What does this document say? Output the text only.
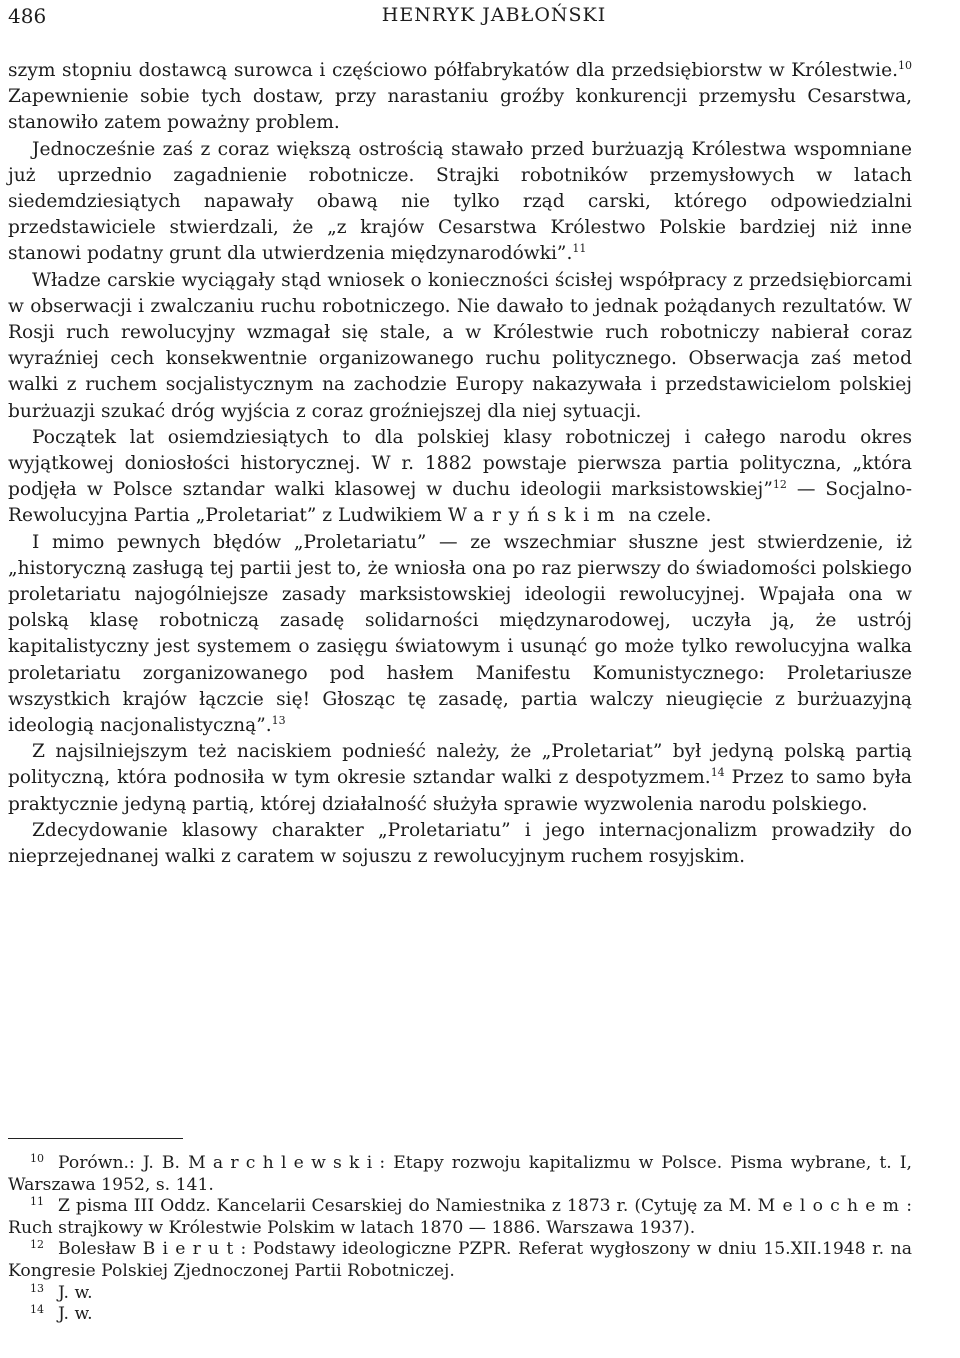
486	HENRYK JABŁOŃSKI

szym stopniu dostawcą surowca i częściowo półfabrykatów dla przedsiębiorstw w Królestwie.$^{10}$ Zapewnienie sobie tych dostaw, przy narastaniu groźby konkurencji przemysłu Cesarstwa, stanowiło zatem poważny problem.

Jednocześnie zaś z coraz większą ostrością stawało przed burżuazją Królestwa wspomniane już uprzednio zagadnienie robotnicze. Strajki robotników przemysłowych w latach siedemdziesiątych napawały obawą nie tylko rząd carski, którego odpowiedzialni przedstawiciele stwierdzali, że „z krajów Cesarstwa Królestwo Polskie bardziej niż inne stanowi podatny grunt dla utwierdzenia międzynarodówki”.$^{11}$

Władze carskie wyciągały stąd wniosek o konieczności ścisłej współpracy z przedsiębiorcami w obserwacji i zwalczaniu ruchu robotniczego. Nie dawało to jednak pożądanych rezultatów. W Rosji ruch rewolucyjny wzmagał się stale, a w Królestwie ruch robotniczy nabierał coraz wyraźniej cech konsekwentnie organizowanego ruchu politycznego. Obserwacja zaś metod walki z ruchem socjalistycznym na zachodzie Europy nakazywała i przedstawicielom polskiej burżuazji szukać dróg wyjścia z coraz groźniejszej dla niej sytuacji.

Początek lat osiemdziesiątych to dla polskiej klasy robotniczej i całego narodu okres wyjątkowej doniosłości historycznej. W r. 1882 powstaje pierwsza partia polityczna, „która podjęła w Polsce sztandar walki klasowej w duchu ideologii marksistowskiej”$^{12}$ — Socjalno-Rewolucyjna Partia „Proletariat” z Ludwikiem Waryńskim na czele.

I mimo pewnych błędów „Proletariatu” — ze wszechmiar słuszne jest stwierdzenie, iż „historyczną zasługą tej partii jest to, że wniosła ona po raz pierwszy do świadomości polskiego proletariatu najogólniejsze zasady marksistowskiej ideologii rewolucyjnej. Wpajała ona w polską klasę robotniczą zasadę solidarności międzynarodowej, uczyła ją, że ustrój kapitalistyczny jest systemem o zasięgu światowym i usunąć go może tylko rewolucyjna walka proletariatu zorganizowanego pod hasłem Manifestu Komunistycznego: Proletariusze wszystkich krajów łączcie się! Głosząc tę zasadę, partia walczy nieugięcie z burżuazyjną ideologią nacjonalistyczną”.$^{13}$

Z najsilniejszym też naciskiem podnieść należy, że „Proletariat” był jedyną polską partią polityczną, która podnosiła w tym okresie sztandar walki z despotyzmem.$^{14}$ Przez to samo była praktycznie jedyną partią, której działalność służyła sprawie wyzwolenia narodu polskiego.

Zdecydowanie klasowy charakter „Proletariatu” i jego internacjonalizm prowadziły do nieprzejednanej walki z caratem w sojuszu z rewolucyjnym ruchem rosyjskim.

$^{10}$ Porówn.: J. B. Marchlewski: Etapy rozwoju kapitalizmu w Polsce. Pisma wybrane, t. I, Warszawa 1952, s. 141.

$^{11}$ Z pisma III Oddz. Kancelarii Cesarskiej do Namiestnika z 1873 r. (Cytuję za M. Melochem: Ruch strajkowy w Królestwie Polskim w latach 1870 — 1886. Warszawa 1937).

$^{12}$ Bolesław Bierut: Podstawy ideologiczne PZPR. Referat wygłoszony w dniu 15.XII.1948 r. na Kongresie Polskiej Zjednoczonej Partii Robotniczej.

$^{13}$ J. w.

$^{14}$ J. w.
